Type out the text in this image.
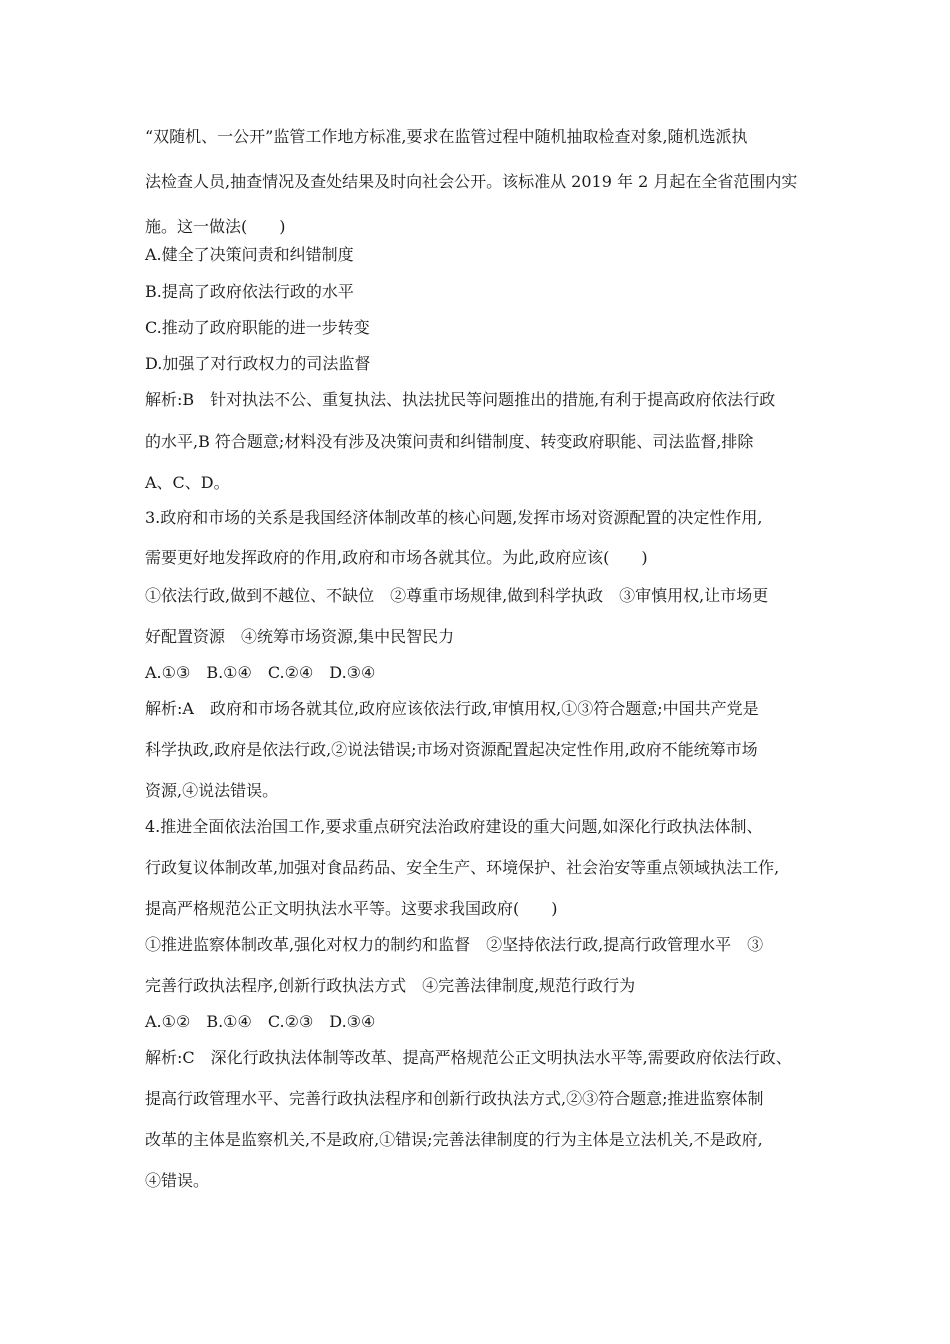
“双随机、一公开”监管工作地方标准,要求在监管过程中随机抽取检查对象,随机选派执

法检查人员,抽查情况及查处结果及时向社会公开。该标准从 2019 年 2 月起在全省范围内实

施。这一做法(　　)

A.健全了决策问责和纠错制度

B.提高了政府依法行政的水平

C.推动了政府职能的进一步转变

D.加强了对行政权力的司法监督

解析:B　针对执法不公、重复执法、执法扰民等问题推出的措施,有利于提高政府依法行政

的水平,B 符合题意;材料没有涉及决策问责和纠错制度、转变政府职能、司法监督,排除

A、C、D。

3.政府和市场的关系是我国经济体制改革的核心问题,发挥市场对资源配置的决定性作用,

需要更好地发挥政府的作用,政府和市场各就其位。为此,政府应该(　　)

①依法行政,做到不越位、不缺位　②尊重市场规律,做到科学执政　③审慎用权,让市场更

好配置资源　④统筹市场资源,集中民智民力

A.①③　B.①④　C.②④　D.③④

解析:A　政府和市场各就其位,政府应该依法行政,审慎用权,①③符合题意;中国共产党是

科学执政,政府是依法行政,②说法错误;市场对资源配置起决定性作用,政府不能统筹市场

资源,④说法错误。

4.推进全面依法治国工作,要求重点研究法治政府建设的重大问题,如深化行政执法体制、

行政复议体制改革,加强对食品药品、安全生产、环境保护、社会治安等重点领域执法工作,

提高严格规范公正文明执法水平等。这要求我国政府(　　)

①推进监察体制改革,强化对权力的制约和监督　②坚持依法行政,提高行政管理水平　③

完善行政执法程序,创新行政执法方式　④完善法律制度,规范行政行为

A.①②　B.①④　C.②③　D.③④

解析:C　深化行政执法体制等改革、提高严格规范公正文明执法水平等,需要政府依法行政、

提高行政管理水平、完善行政执法程序和创新行政执法方式,②③符合题意;推进监察体制

改革的主体是监察机关,不是政府,①错误;完善法律制度的行为主体是立法机关,不是政府,

④错误。
